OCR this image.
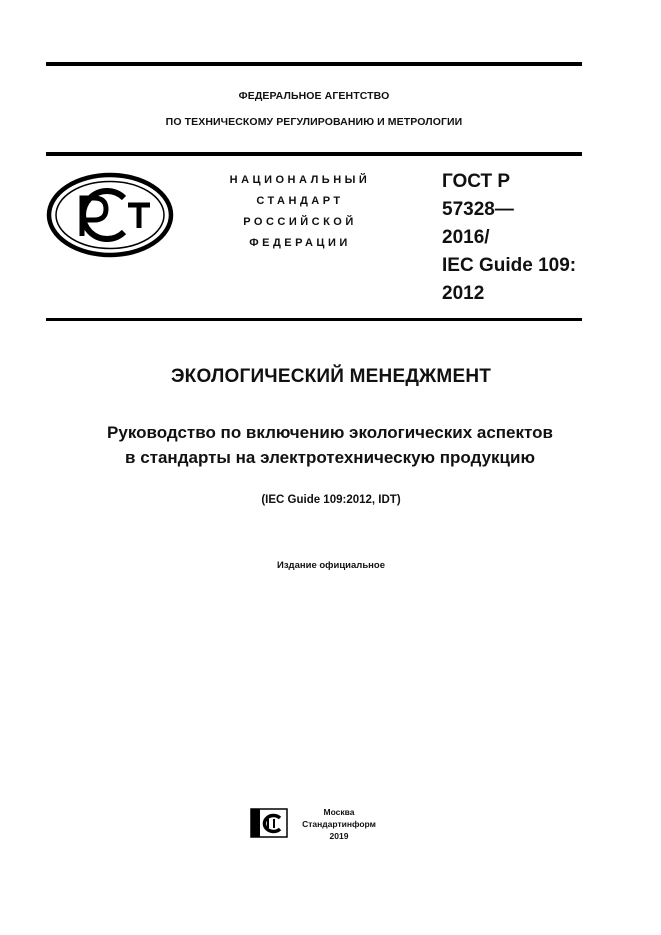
ФЕДЕРАЛЬНОЕ АГЕНТСТВО
ПО ТЕХНИЧЕСКОМУ РЕГУЛИРОВАНИЮ И МЕТРОЛОГИИ
НАЦИОНАЛЬНЫЙ
СТАНДАРТ
РОССИЙСКОЙ
ФЕДЕРАЦИИ
ГОСТ Р
57328—
2016/
IEC Guide 109:
2012
ЭКОЛОГИЧЕСКИЙ МЕНЕДЖМЕНТ
Руководство по включению экологических аспектов
в стандарты на электротехническую продукцию
(IEC Guide 109:2012, IDT)
Издание официальное
Москва
Стандартинформ
2019
